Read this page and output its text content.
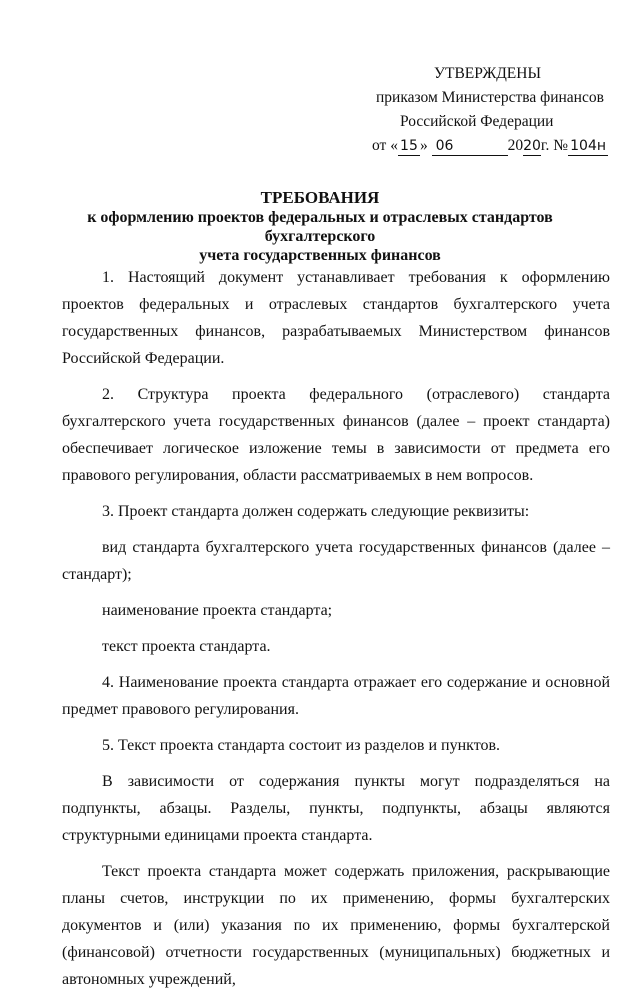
УТВЕРЖДЕНЫ
приказом Министерства финансов
Российской Федерации
от « 15 » 06	2020г. № 104н
ТРЕБОВАНИЯ
к оформлению проектов федеральных и отраслевых стандартов бухгалтерского
учета государственных финансов

1. Настоящий документ устанавливает требования к оформлению проектов федеральных и отраслевых стандартов бухгалтерского учета государственных финансов, разрабатываемых Министерством финансов Российской Федерации.

2. Структура проекта федерального (отраслевого) стандарта бухгалтерского учета государственных финансов (далее – проект стандарта) обеспечивает логическое изложение темы в зависимости от предмета его правового регулирования, области рассматриваемых в нем вопросов.

3. Проект стандарта должен содержать следующие реквизиты:

вид стандарта бухгалтерского учета государственных финансов (далее – стандарт);

наименование проекта стандарта;

текст проекта стандарта.

4. Наименование проекта стандарта отражает его содержание и основной предмет правового регулирования.

5. Текст проекта стандарта состоит из разделов и пунктов.

В зависимости от содержания пункты могут подразделяться на подпункты, абзацы. Разделы, пункты, подпункты, абзацы являются структурными единицами проекта стандарта.

Текст проекта стандарта может содержать приложения, раскрывающие планы счетов, инструкции по их применению, формы бухгалтерских документов и (или) указания по их применению, формы бухгалтерской (финансовой) отчетности государственных (муниципальных) бюджетных и автономных учреждений,
